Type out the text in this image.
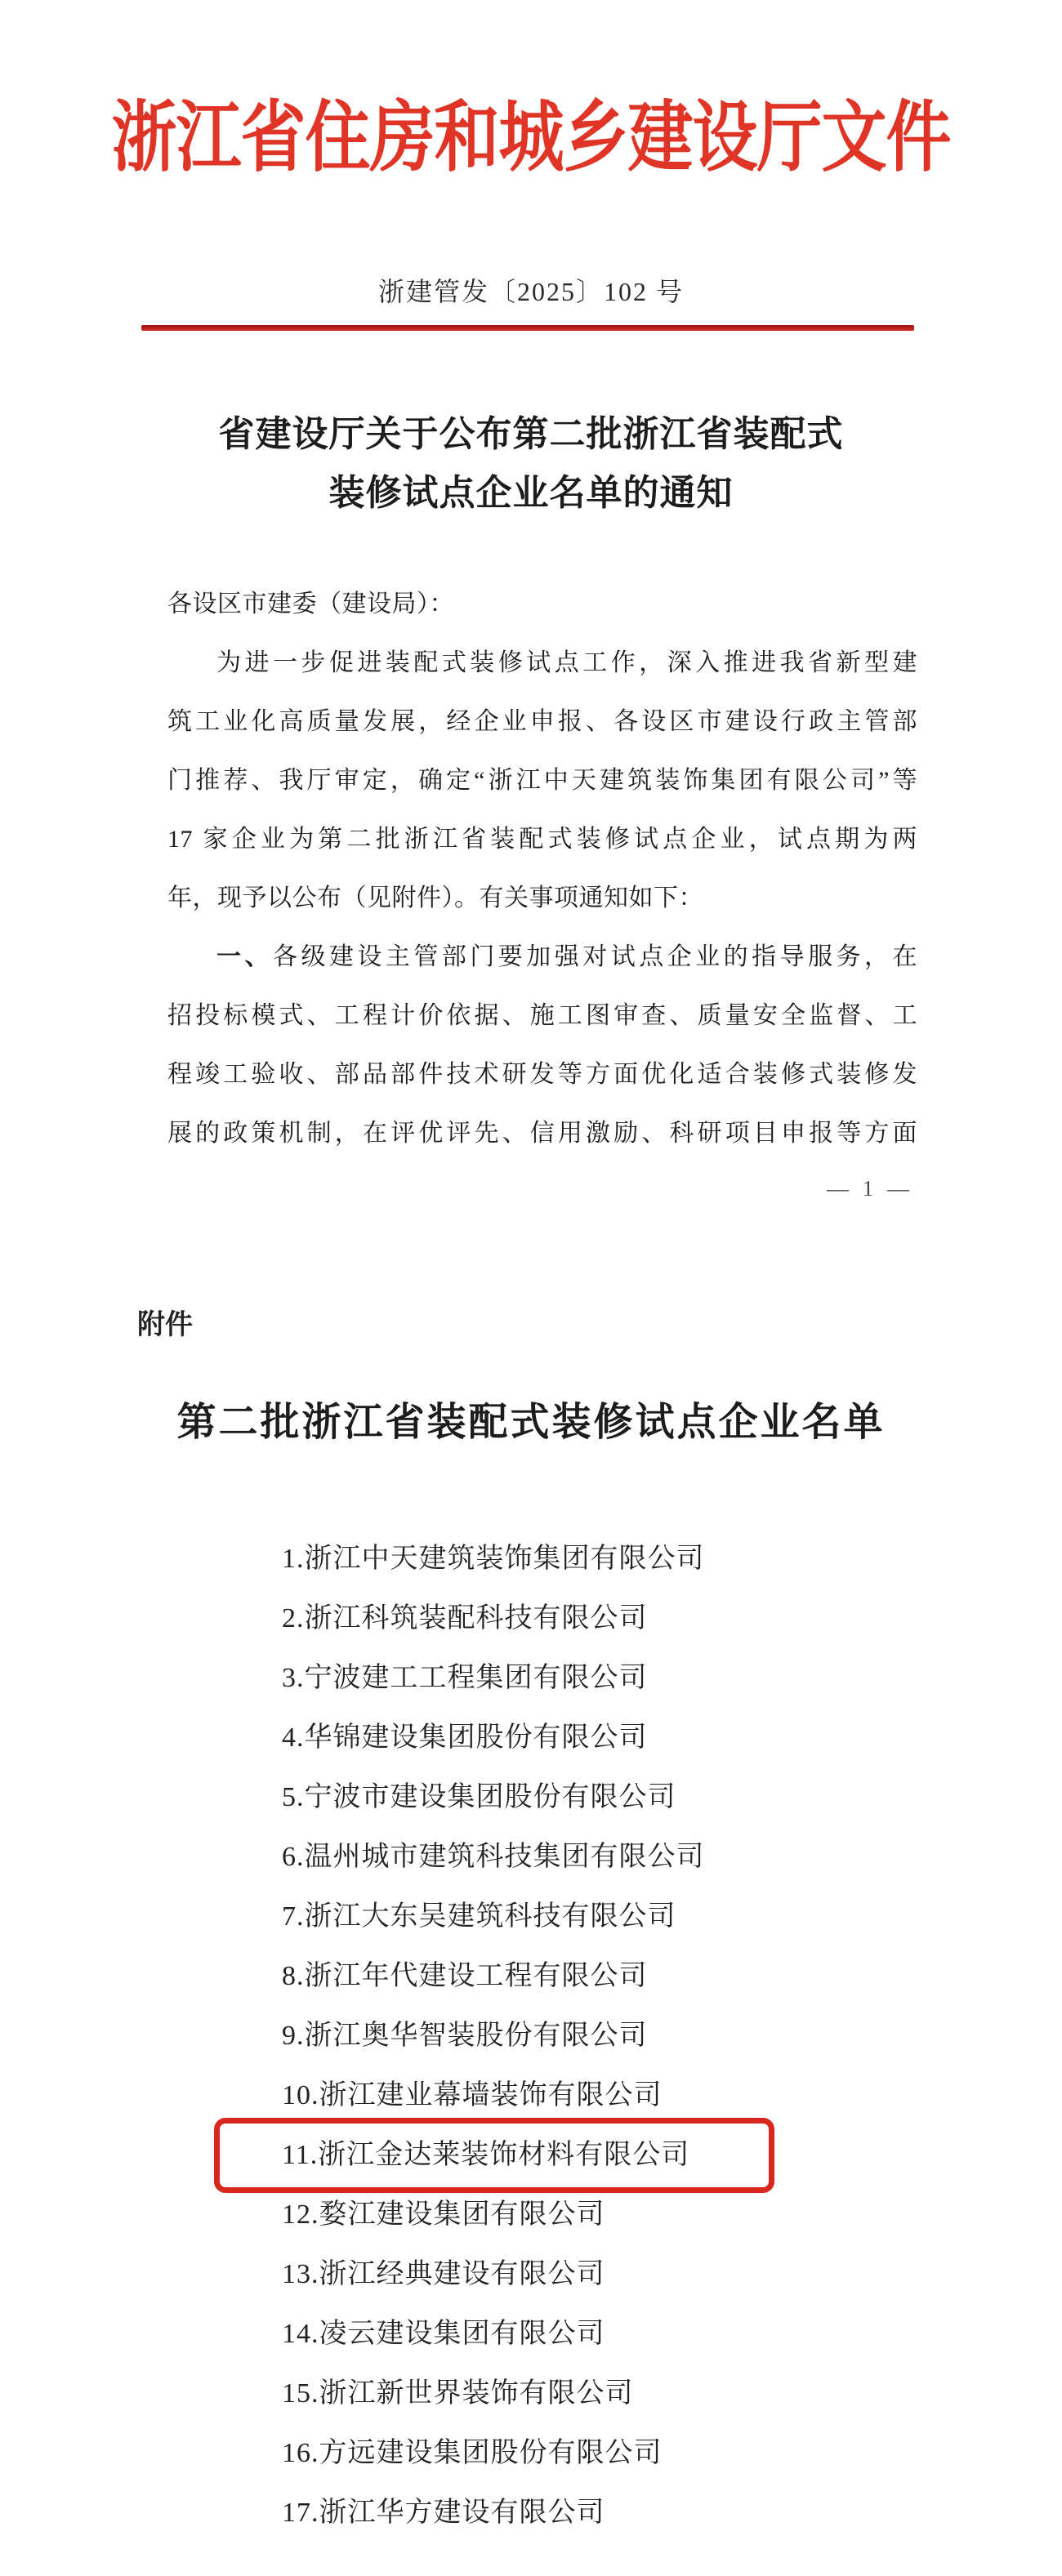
浙江省住房和城乡建设厅文件
浙建管发〔2025〕102 号
省建设厅关于公布第二批浙江省装配式
装修试点企业名单的通知
各设区市建委（建设局）：
为进一步促进装配式装修试点工作，深入推进我省新型建
筑工业化高质量发展，经企业申报、各设区市建设行政主管部
门推荐、我厅审定，确定“浙江中天建筑装饰集团有限公司”等
17 家企业为第二批浙江省装配式装修试点企业，试点期为两
年，现予以公布（见附件）。有关事项通知如下：
一、各级建设主管部门要加强对试点企业的指导服务，在
招投标模式、工程计价依据、施工图审查、质量安全监督、工
程竣工验收、部品部件技术研发等方面优化适合装修式装修发
展的政策机制，在评优评先、信用激励、科研项目申报等方面
— 1 —
附件
第二批浙江省装配式装修试点企业名单
1.浙江中天建筑装饰集团有限公司
2.浙江科筑装配科技有限公司
3.宁波建工工程集团有限公司
4.华锦建设集团股份有限公司
5.宁波市建设集团股份有限公司
6.温州城市建筑科技集团有限公司
7.浙江大东吴建筑科技有限公司
8.浙江年代建设工程有限公司
9.浙江奥华智装股份有限公司
10.浙江建业幕墙装饰有限公司
11.浙江金达莱装饰材料有限公司
12.婺江建设集团有限公司
13.浙江经典建设有限公司
14.凌云建设集团有限公司
15.浙江新世界装饰有限公司
16.方远建设集团股份有限公司
17.浙江华方建设有限公司
